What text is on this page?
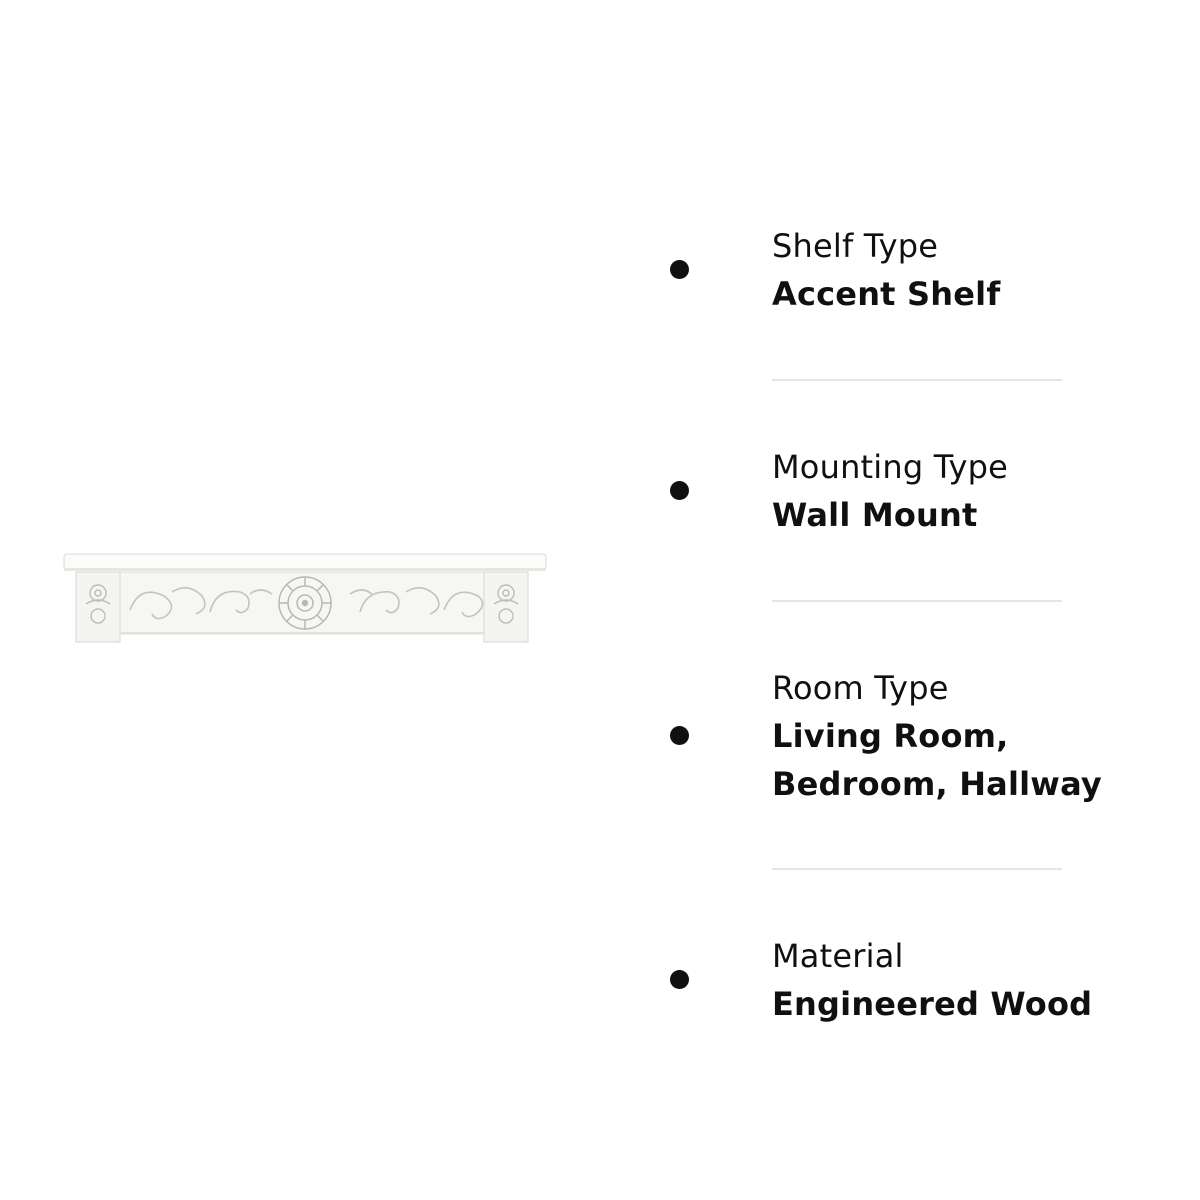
Shelf Type
Accent Shelf
Mounting Type
Wall Mount
Room Type
Living Room, Bedroom, Hallway
Material
Engineered Wood
